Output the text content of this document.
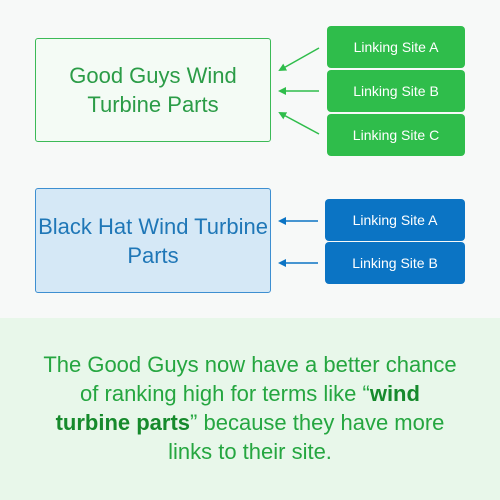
Good Guys Wind Turbine Parts
Linking Site A
Linking Site B
Linking Site C
Black Hat Wind Turbine Parts
Linking Site A
Linking Site B
The Good Guys now have a better chance of ranking high for terms like “wind turbine parts” because they have more links to their site.
